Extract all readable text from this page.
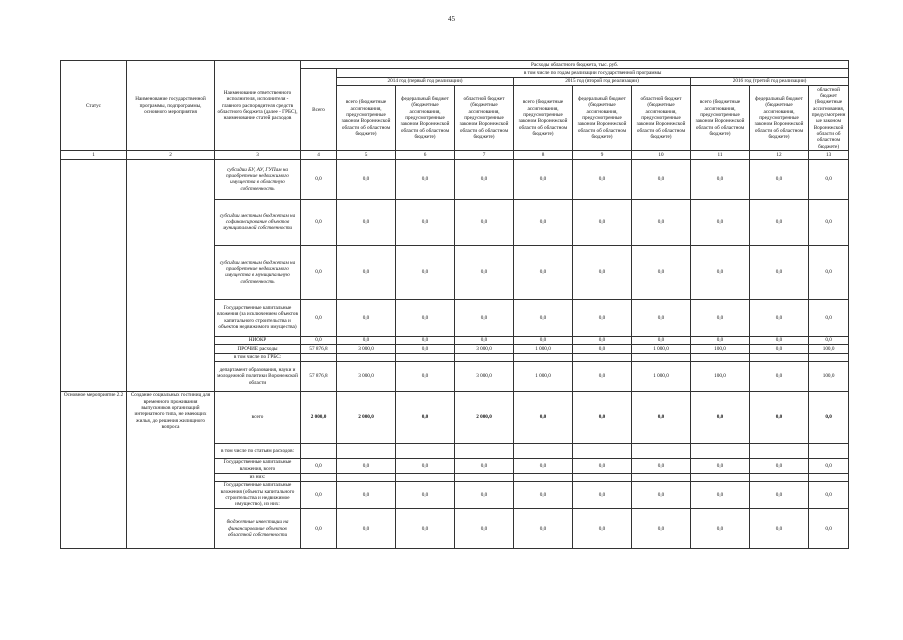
45
Статус	Наименование государственной программы, подпрограммы, основного мероприятия	Наименование ответственного исполнителя, исполнителя - главного распорядителя средств областного бюджета (далее - ГРБС), наименование статей расходов	Расходы областного бюджета, тыс. руб.									
			Всего	в том числе по годам реализации государственной программы								
				2014 год (первый год реализации)			2015 год (второй год реализации)			2016 год (третий год реализации)		
				всего (бюджетные ассигнования, предусмотренные законом Воронежской области об областном бюджете)	федеральный бюджет (бюджетные ассигнования, предусмотренные законом Воронежской области об областном бюджете)	областной бюджет (бюджетные ассигнования, предусмотренные законом Воронежской области об областном бюджете)	всего (бюджетные ассигнования, предусмотренные законом Воронежской области об областном бюджете)	федеральный бюджет (бюджетные ассигнования, предусмотренные законом Воронежской области об областном бюджете)	областной бюджет (бюджетные ассигнования, предусмотренные законом Воронежской области об областном бюджете)	всего (бюджетные ассигнования, предусмотренные законом Воронежской области об областном бюджете)	федеральный бюджет (бюджетные ассигнования, предусмотренные законом Воронежской области об областном бюджете)	областной бюджет (бюджетные ассигнования, предусмотренные законом Воронежской области об областном бюджете)
1	2	3	4	5	6	7	8	9	10	11	12	13
		субсидии БУ, АУ, ГУПам на приобретение недвижимого имущества в областную собственность	0,0	0,0	0,0	0,0	0,0	0,0	0,0	0,0	0,0	0,0
		субсидии местным бюджетам на софинансирование объектов муниципальной собственности	0,0	0,0	0,0	0,0	0,0	0,0	0,0	0,0	0,0	0,0
		субсидии местным бюджетам на приобретение недвижимого имущества в муниципальную собственность	0,0	0,0	0,0	0,0	0,0	0,0	0,0	0,0	0,0	0,0
		Государственные капитальные вложения (за исключением объектов капитального строительства и объектов недвижимого имущества)	0,0	0,0	0,0	0,0	0,0	0,0	0,0	0,0	0,0	0,0
		НИОКР	0,0	0,0	0,0	0,0	0,0	0,0	0,0	0,0	0,0	0,0
		ПРОЧИЕ расходы	57 876,8	3 000,0	0,0	3 000,0	1 000,0	0,0	1 000,0	100,0	0,0	100,0
		в том числе по ГРБС:										
		департамент образования, науки и молодежной политики Воронежской области	57 876,8	3 000,0	0,0	3 000,0	1 000,0	0,0	1 000,0	100,0	0,0	100,0
Основное мероприятие 2.2	Создание социальных гостиниц для временного проживания выпускников организаций интернатного типа, не имеющих жилья, до решения жилищного вопроса	всего	2 000,0	2 000,0	0,0	2 000,0	0,0	0,0	0,0	0,0	0,0	0,0
		в том числе по статьям расходов:										
		Государственные капитальные вложения, всего	0,0	0,0	0,0	0,0	0,0	0,0	0,0	0,0	0,0	0,0
		из них:										
		Государственные капитальные вложения (объекты капитального строительства и недвижимое имущество), из них:	0,0	0,0	0,0	0,0	0,0	0,0	0,0	0,0	0,0	0,0
		бюджетные инвестиции на финансирование объектов областной собственности	0,0	0,0	0,0	0,0	0,0	0,0	0,0	0,0	0,0	0,0
